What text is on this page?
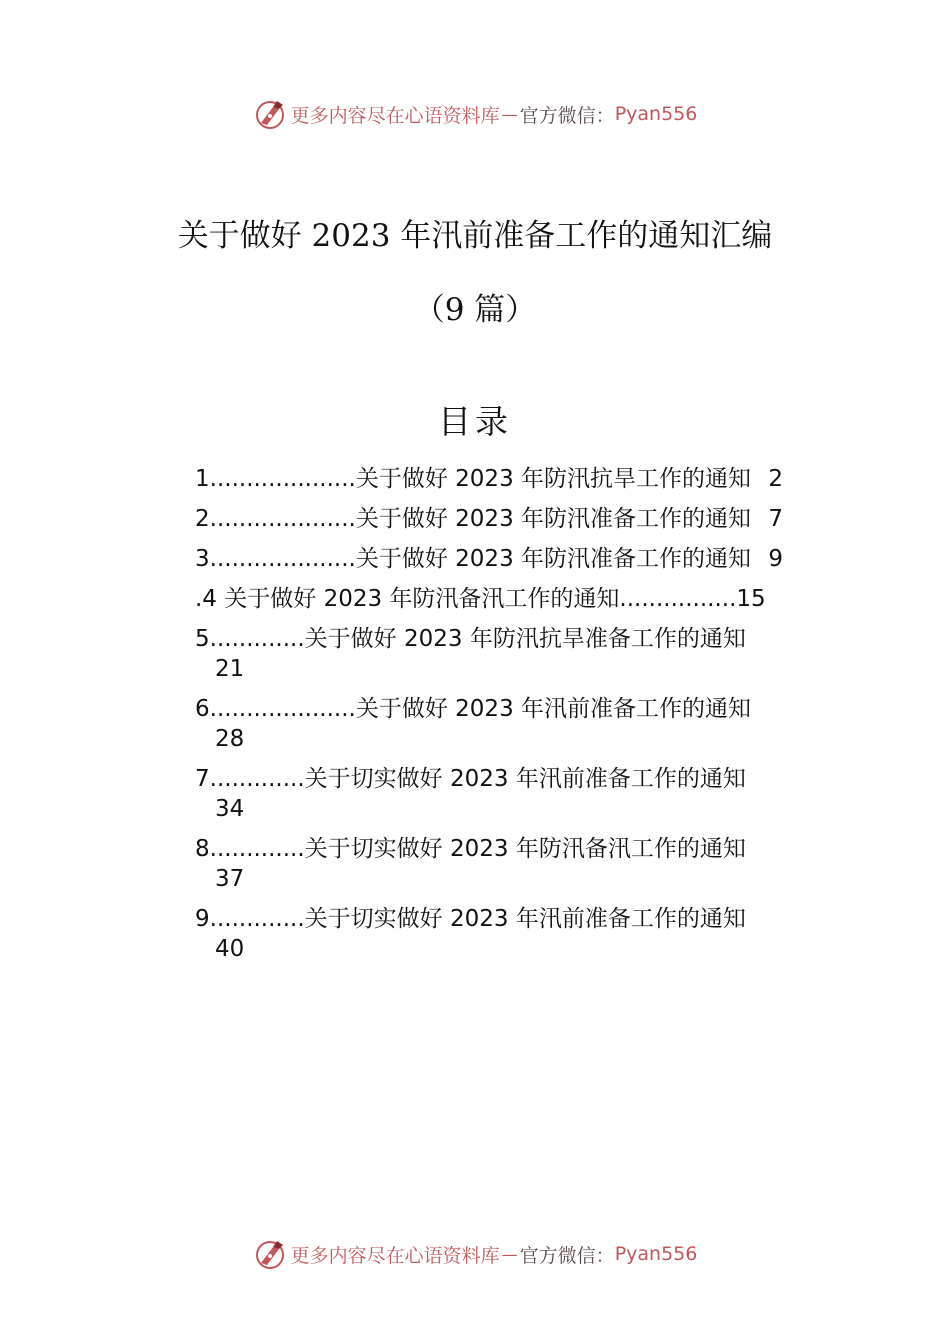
更多内容尽在心语资料库 — 官方微信： Pyan556
关于做好 2023 年汛前准备工作的通知汇编
（9 篇）
目录
1....................关于做好 2023 年防汛抗旱工作的通知 2
2....................关于做好 2023 年防汛准备工作的通知 7
3....................关于做好 2023 年防汛准备工作的通知 9
.4 关于做好 2023 年防汛备汛工作的通知................15
5.............关于做好 2023 年防汛抗旱准备工作的通知
21
6....................关于做好 2023 年汛前准备工作的通知
28
7.............关于切实做好 2023 年汛前准备工作的通知
34
8.............关于切实做好 2023 年防汛备汛工作的通知
37
9.............关于切实做好 2023 年汛前准备工作的通知
40
更多内容尽在心语资料库 — 官方微信： Pyan556
